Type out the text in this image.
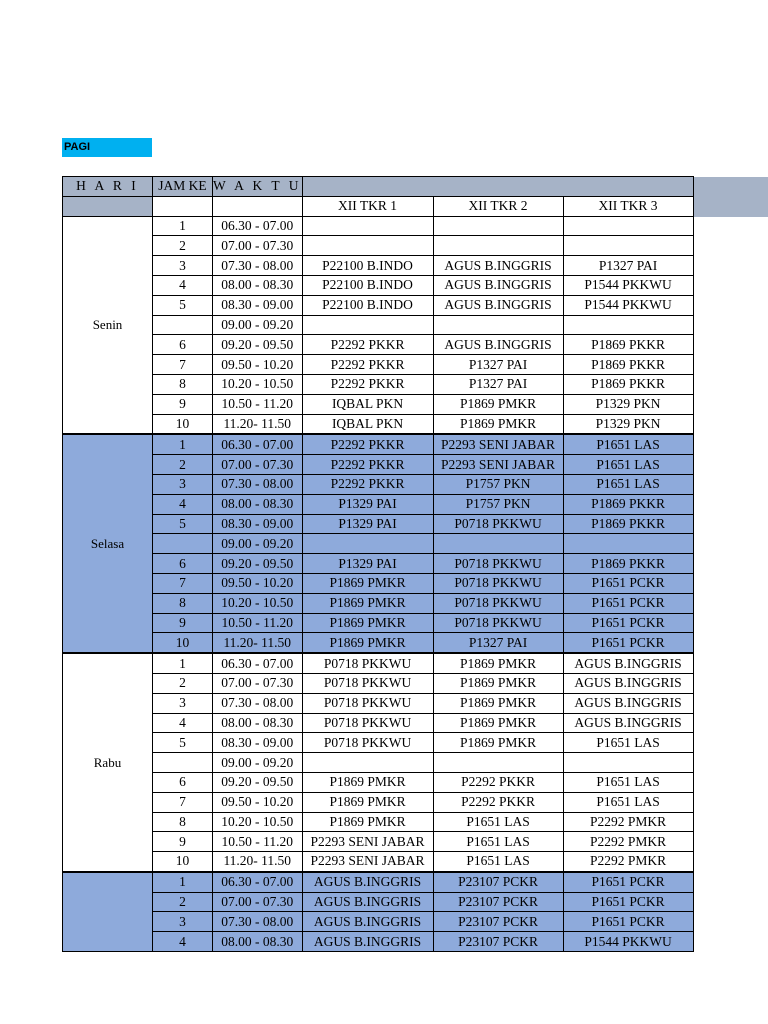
PAGI
H A R I	JAM KE	W A K T U			
			XII TKR 1	XII TKR 2	XII TKR 3
Senin	1	06.30 - 07.00			
	2	07.00 - 07.30			
	3	07.30 - 08.00	P22100 B.INDO	AGUS B.INGGRIS	P1327 PAI
	4	08.00 - 08.30	P22100 B.INDO	AGUS B.INGGRIS	P1544 PKKWU
	5	08.30 - 09.00	P22100 B.INDO	AGUS B.INGGRIS	P1544 PKKWU
		09.00 - 09.20			
	6	09.20 - 09.50	P2292 PKKR	AGUS B.INGGRIS	P1869 PKKR
	7	09.50 - 10.20	P2292 PKKR	P1327 PAI	P1869 PKKR
	8	10.20 - 10.50	P2292 PKKR	P1327 PAI	P1869 PKKR
	9	10.50 - 11.20	IQBAL PKN	P1869 PMKR	P1329 PKN
	10	11.20- 11.50	IQBAL PKN	P1869 PMKR	P1329 PKN
Selasa	1	06.30 - 07.00	P2292 PKKR	P2293 SENI JABAR	P1651 LAS
	2	07.00 - 07.30	P2292 PKKR	P2293 SENI JABAR	P1651 LAS
	3	07.30 - 08.00	P2292 PKKR	P1757 PKN	P1651 LAS
	4	08.00 - 08.30	P1329 PAI	P1757 PKN	P1869 PKKR
	5	08.30 - 09.00	P1329 PAI	P0718 PKKWU	P1869 PKKR
		09.00 - 09.20			
	6	09.20 - 09.50	P1329 PAI	P0718 PKKWU	P1869 PKKR
	7	09.50 - 10.20	P1869 PMKR	P0718 PKKWU	P1651 PCKR
	8	10.20 - 10.50	P1869 PMKR	P0718 PKKWU	P1651 PCKR
	9	10.50 - 11.20	P1869 PMKR	P0718 PKKWU	P1651 PCKR
	10	11.20- 11.50	P1869 PMKR	P1327 PAI	P1651 PCKR
Rabu	1	06.30 - 07.00	P0718 PKKWU	P1869 PMKR	AGUS B.INGGRIS
	2	07.00 - 07.30	P0718 PKKWU	P1869 PMKR	AGUS B.INGGRIS
	3	07.30 - 08.00	P0718 PKKWU	P1869 PMKR	AGUS B.INGGRIS
	4	08.00 - 08.30	P0718 PKKWU	P1869 PMKR	AGUS B.INGGRIS
	5	08.30 - 09.00	P0718 PKKWU	P1869 PMKR	P1651 LAS
		09.00 - 09.20			
	6	09.20 - 09.50	P1869 PMKR	P2292 PKKR	P1651 LAS
	7	09.50 - 10.20	P1869 PMKR	P2292 PKKR	P1651 LAS
	8	10.20 - 10.50	P1869 PMKR	P1651 LAS	P2292 PMKR
	9	10.50 - 11.20	P2293 SENI JABAR	P1651 LAS	P2292 PMKR
	10	11.20- 11.50	P2293 SENI JABAR	P1651 LAS	P2292 PMKR
	1	06.30 - 07.00	AGUS B.INGGRIS	P23107 PCKR	P1651 PCKR
	2	07.00 - 07.30	AGUS B.INGGRIS	P23107 PCKR	P1651 PCKR
	3	07.30 - 08.00	AGUS B.INGGRIS	P23107 PCKR	P1651 PCKR
	4	08.00 - 08.30	AGUS B.INGGRIS	P23107 PCKR	P1544 PKKWU
